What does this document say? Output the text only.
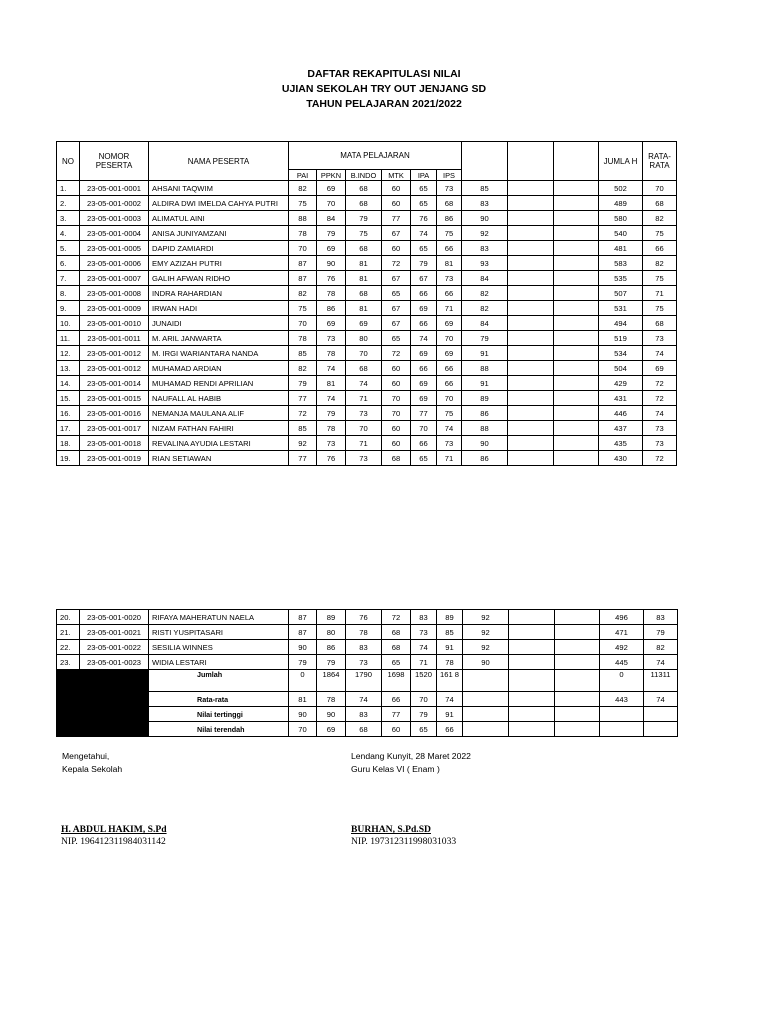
DAFTAR REKAPITULASI NILAI
UJIAN SEKOLAH TRY OUT JENJANG SD
TAHUN PELAJARAN 2021/2022
NO	NOMOR PESERTA	NAMA PESERTA	MATA PELAJARAN									JUMLA H	RATA-RATA
			PAI	PPKN	B.INDO	MTK	IPA	IPS					
1.	23-05-001-0001	AHSANI TAQWIM	82	69	68	60	65	73	85			502	70
2.	23-05-001-0002	ALDIRA DWI IMELDA CAHYA PUTRI	75	70	68	60	65	68	83			489	68
3.	23-05-001-0003	ALIMATUL AINI	88	84	79	77	76	86	90			580	82
4.	23-05-001-0004	ANISA JUNIYAMZANI	78	79	75	67	74	75	92			540	75
5.	23-05-001-0005	DAPID ZAMIARDI	70	69	68	60	65	66	83			481	66
6.	23-05-001-0006	EMY AZIZAH PUTRI	87	90	81	72	79	81	93			583	82
7.	23-05-001-0007	GALIH AFWAN RIDHO	87	76	81	67	67	73	84			535	75
8.	23-05-001-0008	INDRA RAHARDIAN	82	78	68	65	66	66	82			507	71
9.	23-05-001-0009	IRWAN HADI	75	86	81	67	69	71	82			531	75
10.	23-05-001-0010	JUNAIDI	70	69	69	67	66	69	84			494	68
11.	23-05-001-0011	M. ARIL JANWARTA	78	73	80	65	74	70	79			519	73
12.	23-05-001-0012	M. IRGI WARIANTARA NANDA	85	78	70	72	69	69	91			534	74
13.	23-05-001-0012	MUHAMAD ARDIAN	82	74	68	60	66	66	88			504	69
14.	23-05-001-0014	MUHAMAD RENDI APRILIAN	79	81	74	60	69	66	91			429	72
15.	23-05-001-0015	NAUFALL AL HABIB	77	74	71	70	69	70	89			431	72
16.	23-05-001-0016	NEMANJA MAULANA ALIF	72	79	73	70	77	75	86			446	74
17.	23-05-001-0017	NIZAM FATHAN FAHIRI	85	78	70	60	70	74	88			437	73
18.	23-05-001-0018	REVALINA AYUDIA LESTARI	92	73	71	60	66	73	90			435	73
19.	23-05-001-0019	RIAN SETIAWAN	77	76	73	68	65	71	86			430	72
20.	23-05-001-0020	RIFAYA MAHERATUN NAELA	87	89	76	72	83	89	92			496	83
21.	23-05-001-0021	RISTI YUSPITASARI	87	80	78	68	73	85	92			471	79
22.	23-05-001-0022	SESILIA WINNES	90	86	83	68	74	91	92			492	82
23.	23-05-001-0023	WIDIA LESTARI	79	79	73	65	71	78	90			445	74
		Jumlah	0	1864	1790	1698	1520	161 8				0	11311
		Rata-rata	81	78	74	66	70	74				443	74
		Nilai tertinggi	90	90	83	77	79	91					
		Nilai terendah	70	69	68	60	65	66					
Mengetahui,
Kepala Sekolah
Lendang Kunyit, 28 Maret 2022
Guru Kelas VI ( Enam )
H. ABDUL HAKIM, S.Pd
NIP. 196412311984031142
BURHAN, S.Pd.SD
NIP. 197312311998031033
